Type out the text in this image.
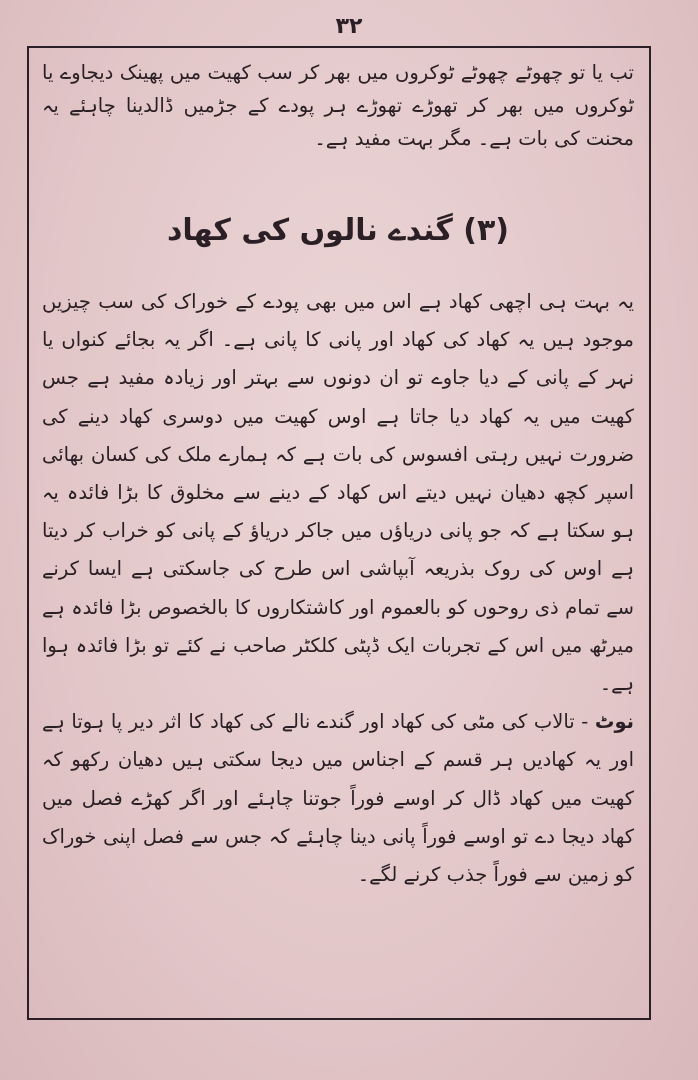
۳۲

تب یا تو چھوٹے چھوٹے ٹوکروں میں بھر کر سب کھیت میں پھینک دیجاوے یا ٹوکروں میں بھر کر تھوڑے تھوڑے ہر پودے کے جڑمیں ڈالدینا چاہئے یہ محنت کی بات ہے۔ مگر بہت مفید ہے۔

(۳) گندے نالوں کی کھاد

یہ بہت ہی اچھی کھاد ہے اس میں بھی پودے کے خوراک کی سب چیزیں موجود ہیں یہ کھاد کی کھاد اور پانی کا پانی ہے۔ اگر یہ بجائے کنواں یا نہر کے پانی کے دیا جاوے تو ان دونوں سے بہتر اور زیادہ مفید ہے جس کھیت میں یہ کھاد دیا جاتا ہے اوس کھیت میں دوسری کھاد دینے کی ضرورت نہیں رہتی افسوس کی بات ہے کہ ہمارے ملک کی کسان بھائی اسپر کچھ دھیان نہیں دیتے اس کھاد کے دینے سے مخلوق کا بڑا فائدہ یہ ہو سکتا ہے کہ جو پانی دریاؤں میں جاکر دریاؤ کے پانی کو خراب کر دیتا ہے اوس کی روک بذریعہ آبپاشی اس طرح کی جاسکتی ہے ایسا کرنے سے تمام ذی روحوں کو بالعموم اور کاشتکاروں کا بالخصوص بڑا فائدہ ہے میرٹھ میں اس کے تجربات ایک ڈپٹی کلکٹر صاحب نے کئے تو بڑا فائدہ ہوا ہے۔

نوٹ - تالاب کی مٹی کی کھاد اور گندے نالے کی کھاد کا اثر دیر پا ہوتا ہے اور یہ کھادیں ہر قسم کے اجناس میں دیجا سکتی ہیں دھیان رکھو کہ کھیت میں کھاد ڈال کر اوسے فوراً جوتنا چاہئے اور اگر کھڑے فصل میں کھاد دیجا دے تو اوسے فوراً پانی دینا چاہئے کہ جس سے فصل اپنی خوراک کو زمین سے فوراً جذب کرنے لگے۔
